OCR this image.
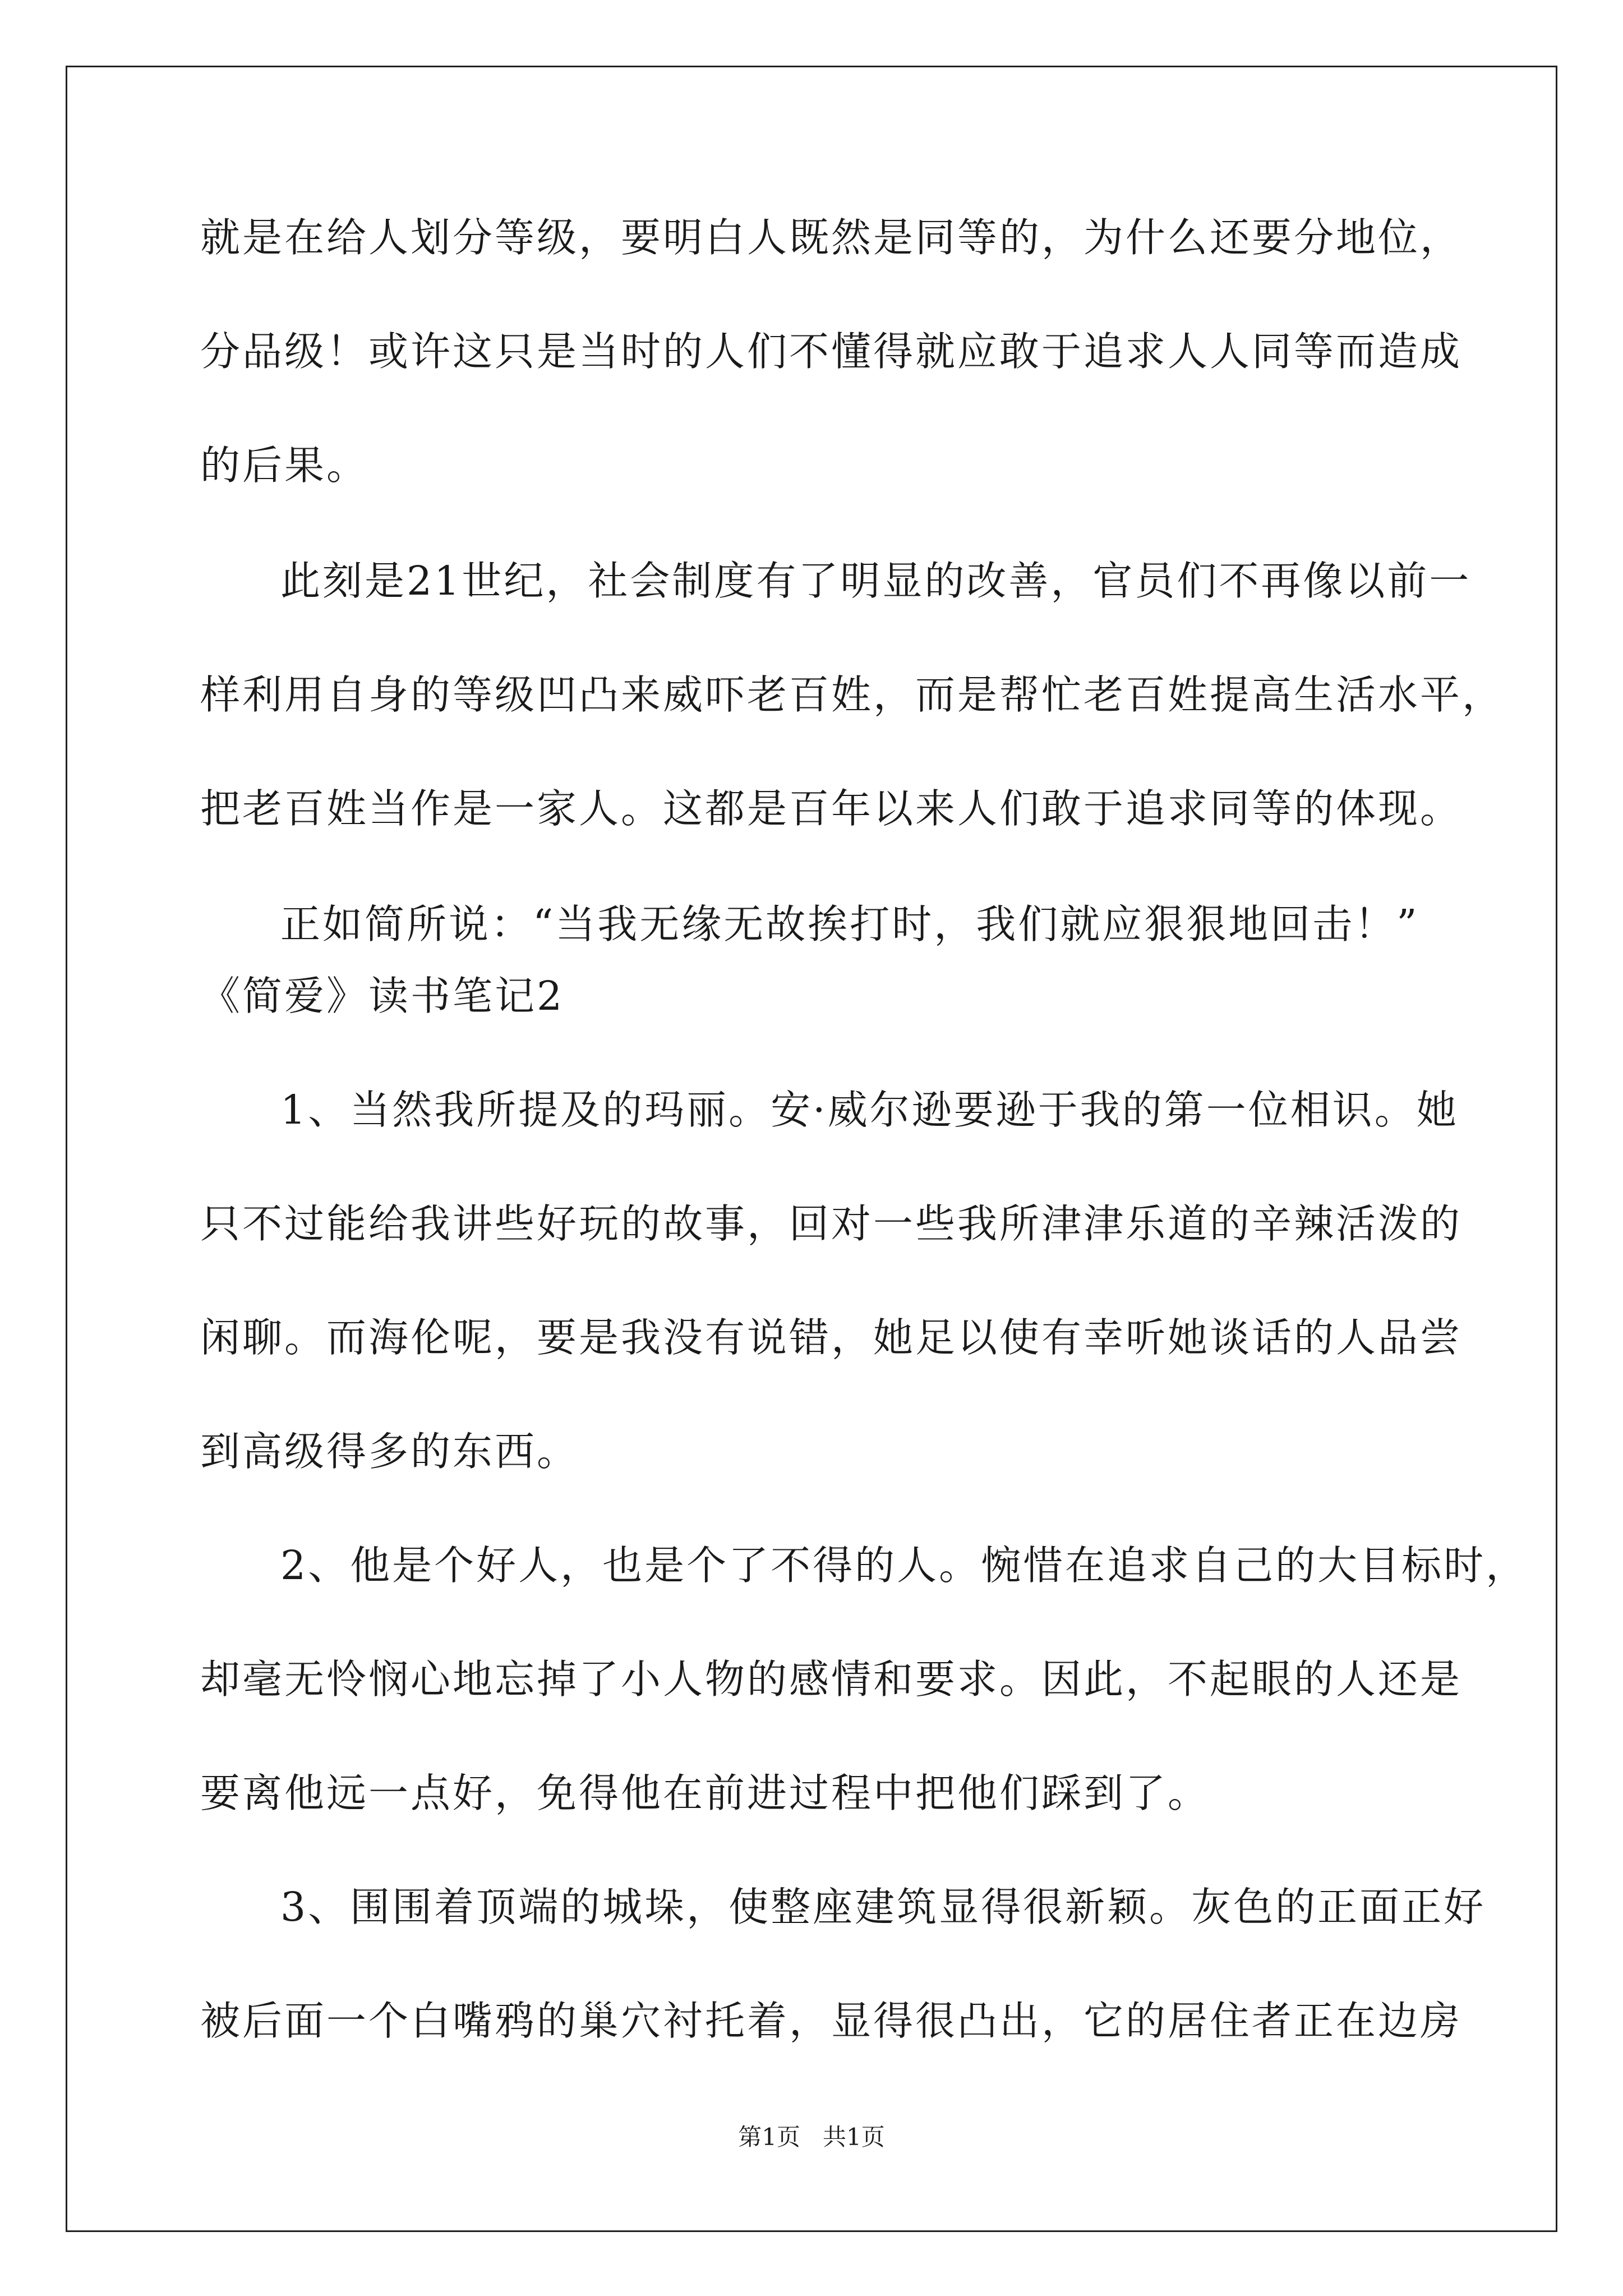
就是在给人划分等级，要明白人既然是同等的，为什么还要分地位，
分品级！或许这只是当时的人们不懂得就应敢于追求人人同等而造成
的后果。
此刻是21世纪，社会制度有了明显的改善，官员们不再像以前一
样利用自身的等级凹凸来威吓老百姓，而是帮忙老百姓提高生活水平，
把老百姓当作是一家人。这都是百年以来人们敢于追求同等的体现。
正如简所说：“当我无缘无故挨打时，我们就应狠狠地回击！”
《简爱》读书笔记2
1、当然我所提及的玛丽。安·威尔逊要逊于我的第一位相识。她
只不过能给我讲些好玩的故事，回对一些我所津津乐道的辛辣活泼的
闲聊。而海伦呢，要是我没有说错，她足以使有幸听她谈话的人品尝
到高级得多的东西。
2、他是个好人，也是个了不得的人。惋惜在追求自己的大目标时，
却毫无怜悯心地忘掉了小人物的感情和要求。因此，不起眼的人还是
要离他远一点好，免得他在前进过程中把他们踩到了。
3、围围着顶端的城垛，使整座建筑显得很新颖。灰色的正面正好
被后面一个白嘴鸦的巢穴衬托着，显得很凸出，它的居住者正在边房
第1页   共1页
